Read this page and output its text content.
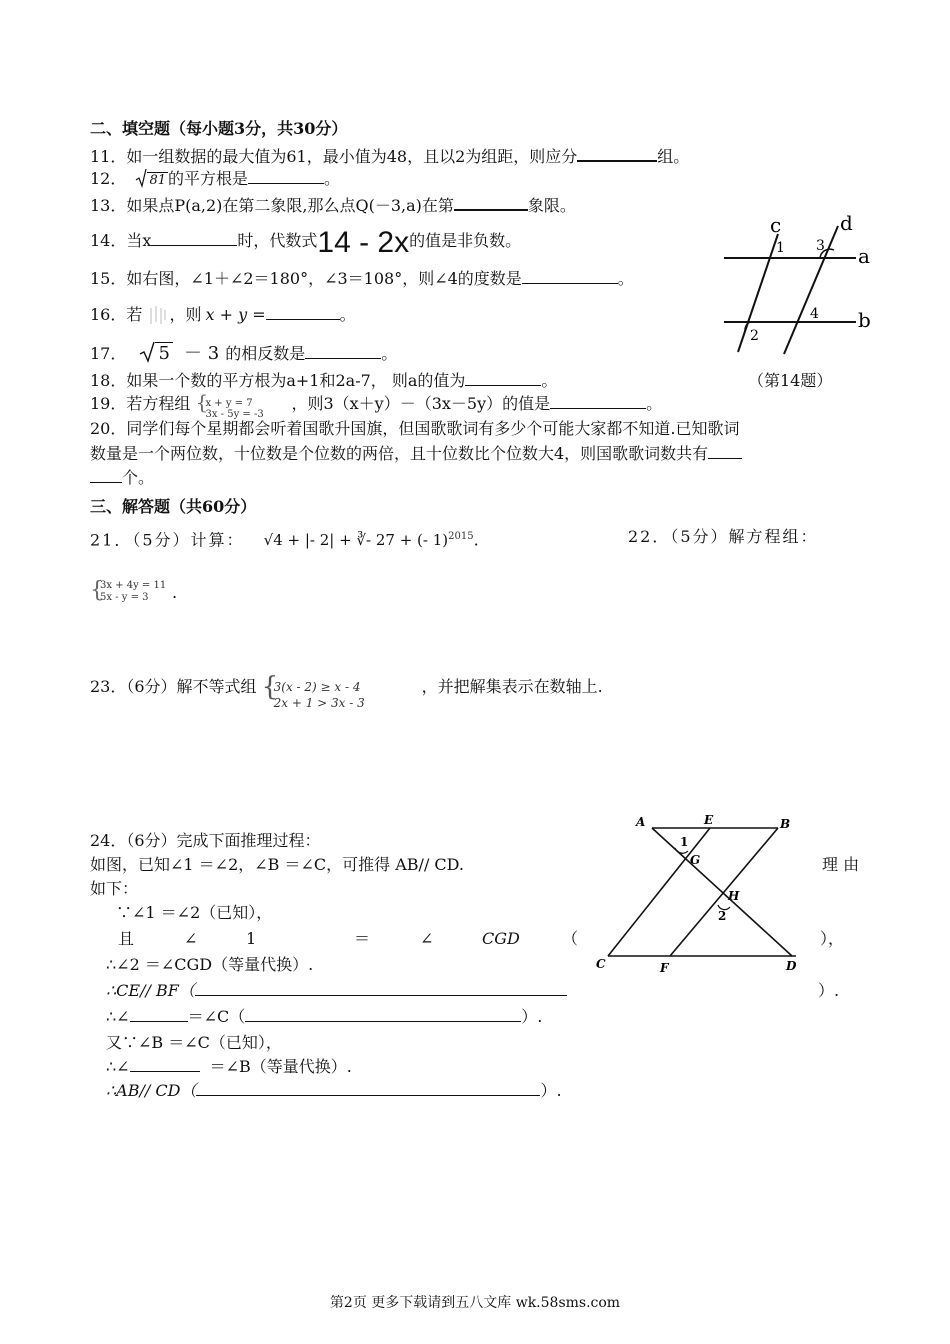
二、填空题（每小题3分，共30分）
11．如一组数据的最大值为61，最小值为48，且以2为组距，则应分	组。
12． 81 的平方根是	。
13．如果点P(a,2)在第二象限,那么点Q(－3,a)在第	象限。
14．当x	时，代数式14 - 2x的值是非负数。
15．如右图，∠1＋∠2＝180°，∠3＝108°，则∠4的度数是	。
16．若 ，则 x + y =	。
17． 5 － 3 的相反数是	。
18．如果一个数的平方根为a+1和2a-7， 则a的值为	。
19．若方程组 {
x + y = 7
3x - 5y = -3
，则3（x＋y）－（3x－5y）的值是	。
20．同学们每个星期都会听着国歌升国旗，但国歌歌词有多少个可能大家都不知道.已知歌词
数量是一个两位数，十位数是个位数的两倍，且十位数比个位数大4，则国歌歌词数共有
个。
c	d
a
b
1 3
4
2
（第14题）
三、解答题（共60分）
21．（5分）计算： √4 + |- 2| + ∛- 27 + (- 1)$^{2015}$.	22．（5分）解方程组：
{
3x + 4y = 11
5x - y = 3 .
23．（6分）解不等式组 {
3(x - 2) ≥ x - 4
2x + 1 > 3x - 3
，并把解集表示在数轴上.
24．（6分）完成下面推理过程：
如图，已知∠1 ＝∠2，∠B ＝∠C，可推得 AB// CD.	理 由
如下：
∵∠1 ＝∠2（已知），
且	∠	1	＝	∠	CGD	（	），
∴∠2 ＝∠CGD（等量代换）.
∴CE// BF（	）.
∴∠	＝∠C（	）.
又∵∠B ＝∠C（已知），
∴∠	＝∠B（等量代换）.
∴AB// CD（	）.
A	E	B
1
G
H
2
C	F	D
第2页 更多下载请到五八文库 wk.58sms.com
